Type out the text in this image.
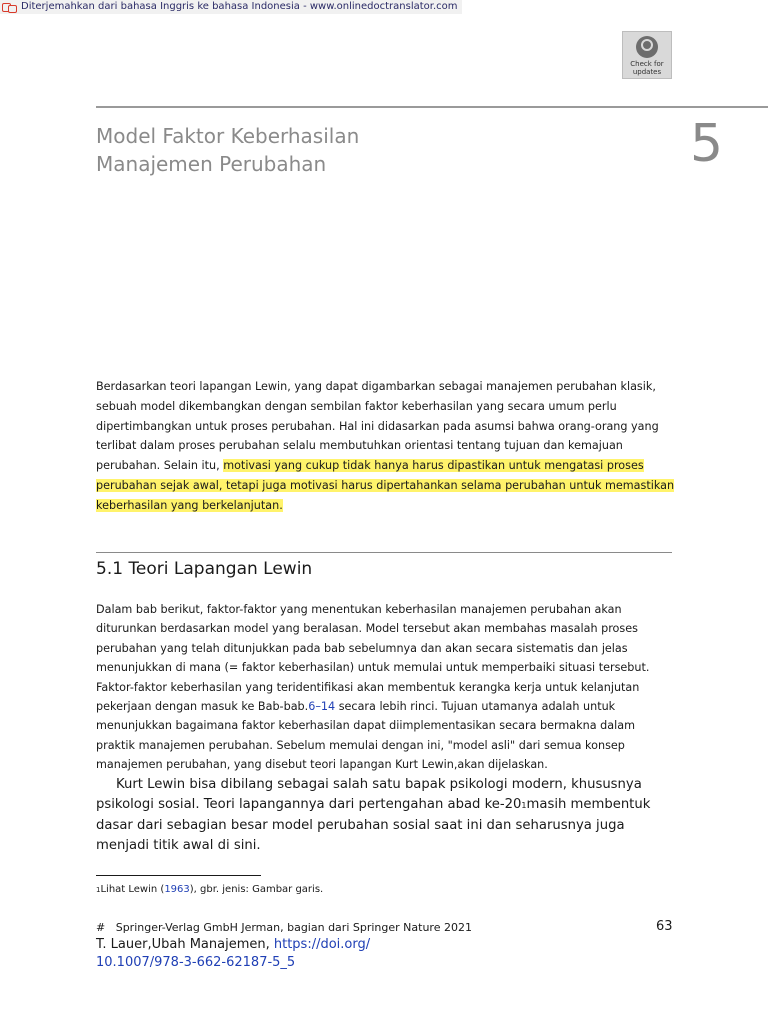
Diterjemahkan dari bahasa Inggris ke bahasa Indonesia - www.onlinedoctranslator.com
Check for
updates
Model Faktor Keberhasilan
Manajemen Perubahan	5

Berdasarkan teori lapangan Lewin, yang dapat digambarkan sebagai manajemen perubahan klasik, sebuah model dikembangkan dengan sembilan faktor keberhasilan yang secara umum perlu dipertimbangkan untuk proses perubahan. Hal ini didasarkan pada asumsi bahwa orang-orang yang terlibat dalam proses perubahan selalu membutuhkan orientasi tentang tujuan dan kemajuan perubahan. Selain itu, motivasi yang cukup tidak hanya harus dipastikan untuk mengatasi proses perubahan sejak awal, tetapi juga motivasi harus dipertahankan selama perubahan untuk memastikan keberhasilan yang berkelanjutan.

5.1 Teori Lapangan Lewin

Dalam bab berikut, faktor-faktor yang menentukan keberhasilan manajemen perubahan akan diturunkan berdasarkan model yang beralasan. Model tersebut akan membahas masalah proses perubahan yang telah ditunjukkan pada bab sebelumnya dan akan secara sistematis dan jelas menunjukkan di mana (= faktor keberhasilan) untuk memulai untuk memperbaiki situasi tersebut. Faktor-faktor keberhasilan yang teridentifikasi akan membentuk kerangka kerja untuk kelanjutan pekerjaan dengan masuk ke Bab-bab.6–14 secara lebih rinci. Tujuan utamanya adalah untuk menunjukkan bagaimana faktor keberhasilan dapat diimplementasikan secara bermakna dalam praktik manajemen perubahan. Sebelum memulai dengan ini, "model asli" dari semua konsep manajemen perubahan, yang disebut teori lapangan Kurt Lewin,akan dijelaskan.

Kurt Lewin bisa dibilang sebagai salah satu bapak psikologi modern, khususnya psikologi sosial. Teori lapangannya dari pertengahan abad ke-201masih membentuk dasar dari sebagian besar model perubahan sosial saat ini dan seharusnya juga menjadi titik awal di sini.

1Lihat Lewin (1963), gbr. jenis: Gambar garis.

#   Springer-Verlag GmbH Jerman, bagian dari Springer Nature 2021	63
T. Lauer,Ubah Manajemen, https://doi.org/
10.1007/978-3-662-62187-5_5
